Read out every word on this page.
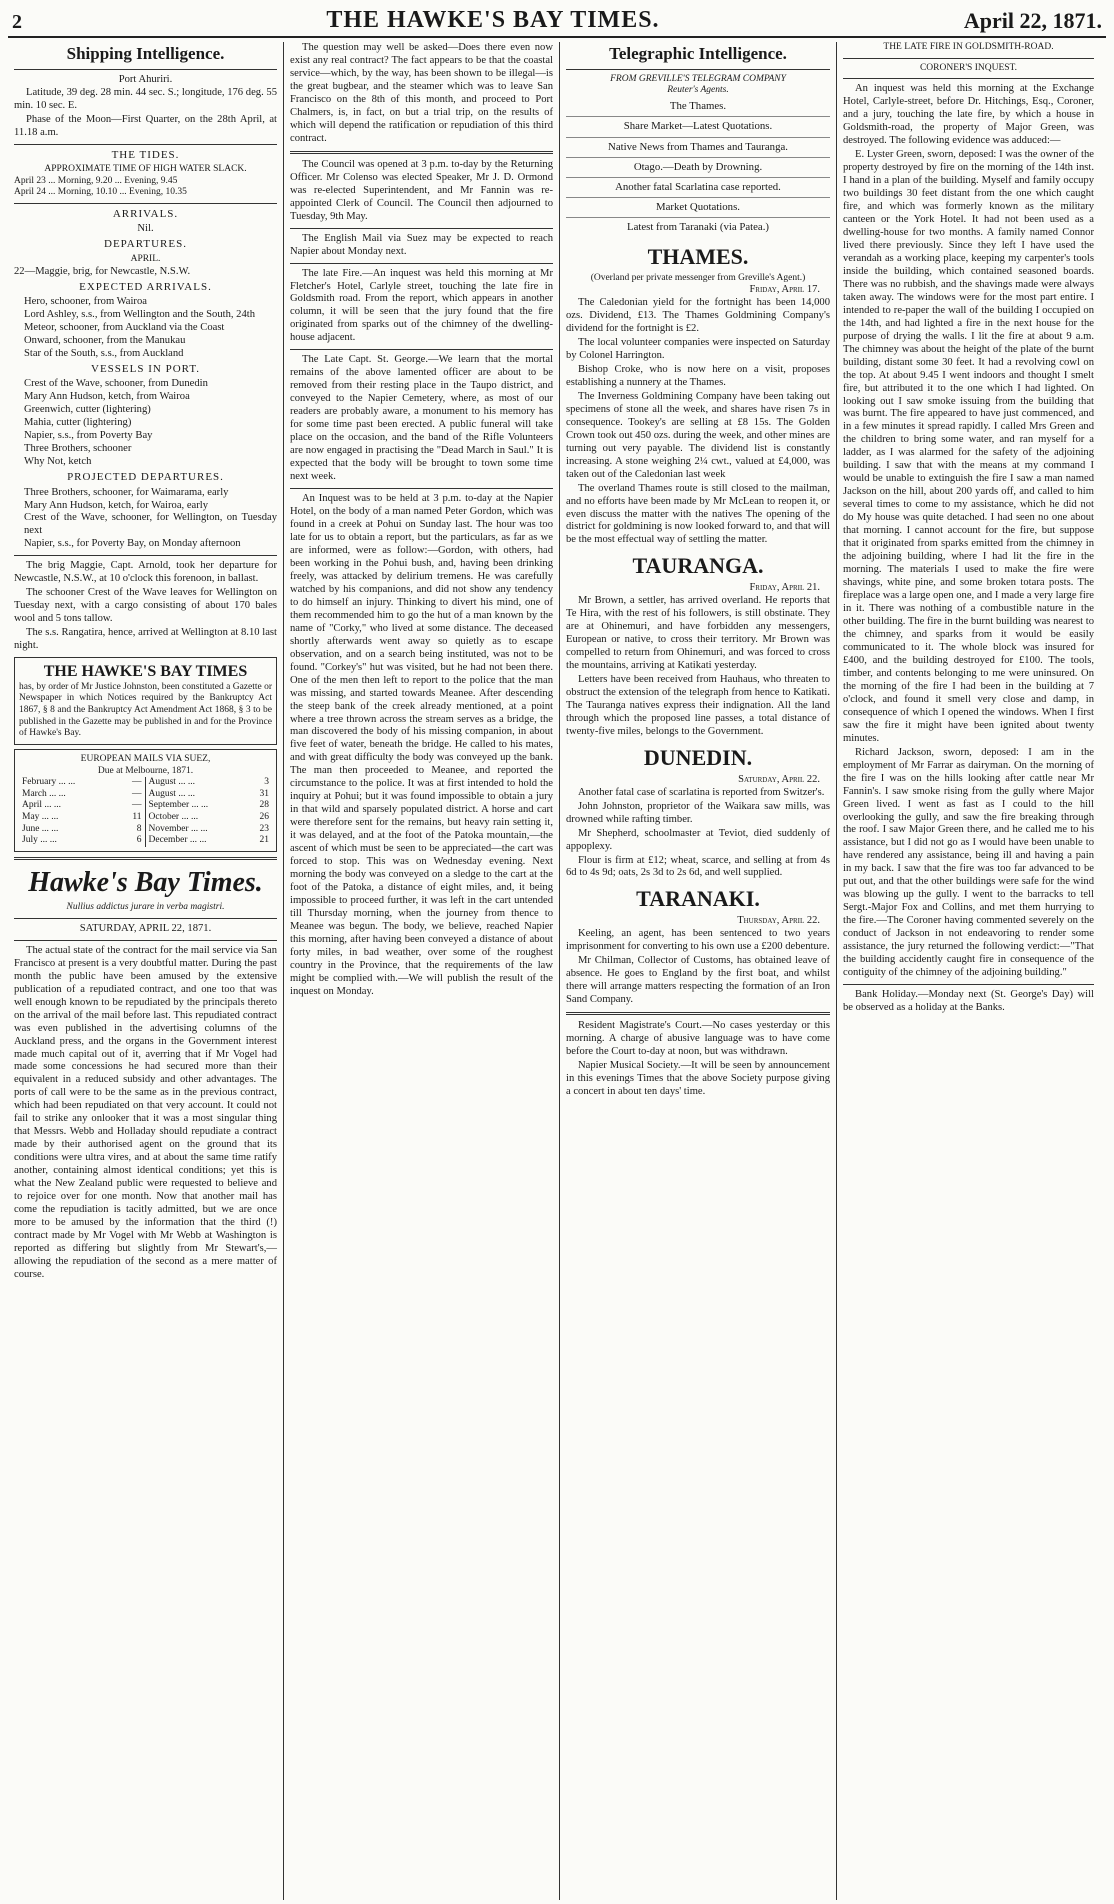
2	THE HAWKE'S BAY TIMES.	April 22, 1871.
Shipping Intelligence.
Port Ahuriri.

Latitude, 39 deg. 28 min. 44 sec. S.; longitude, 176 deg. 55 min. 10 sec. E.

Phase of the Moon—First Quarter, on the 28th April, at 11.18 a.m.

THE TIDES.
APPROXIMATE TIME OF HIGH WATER SLACK.
April 23 ... Morning, 9.20 ... Evening, 9.45
April 24 ... Morning, 10.10 ... Evening, 10.35
ARRIVALS.
Nil.
DEPARTURES.
APRIL.
22—Maggie, brig, for Newcastle, N.S.W.
EXPECTED ARRIVALS.

Hero, schooner, from Wairoa

Lord Ashley, s.s., from Wellington and the South, 24th

Meteor, schooner, from Auckland via the Coast

Onward, schooner, from the Manukau

Star of the South, s.s., from Auckland

VESSELS IN PORT.

Crest of the Wave, schooner, from Dunedin

Mary Ann Hudson, ketch, from Wairoa

Greenwich, cutter (lightering)

Mahia, cutter (lightering)

Napier, s.s., from Poverty Bay

Three Brothers, schooner

Why Not, ketch

PROJECTED DEPARTURES.

Three Brothers, schooner, for Waimarama, early

Mary Ann Hudson, ketch, for Wairoa, early

Crest of the Wave, schooner, for Wellington, on Tuesday next

Napier, s.s., for Poverty Bay, on Monday afternoon

The brig Maggie, Capt. Arnold, took her departure for Newcastle, N.S.W., at 10 o'clock this forenoon, in ballast.

The schooner Crest of the Wave leaves for Wellington on Tuesday next, with a cargo consisting of about 170 bales wool and 5 tons tallow.

The s.s. Rangatira, hence, arrived at Wellington at 8.10 last night.

THE HAWKE'S BAY TIMES
has, by order of Mr Justice Johnston, been constituted a Gazette or Newspaper in which Notices required by the Bankruptcy Act 1867, § 8 and the Bankruptcy Act Amendment Act 1868, § 3 to be published in the Gazette may be published in and for the Province of Hawke's Bay.
EUROPEAN MAILS VIA SUEZ,
Due at Melbourne, 1871.
February ... ...	— August ... ...	3
March ... ...	— August ... ...	31
April ... ...	— September ... ...	28
May ... ...	11 October ... ...	26
June ... ...	8 November ... ...	23
July ... ...	6 December ... ...	21
Hawke's Bay Times.
Nullius addictus jurare in verba magistri.
SATURDAY, APRIL 22, 1871.

The actual state of the contract for the mail service via San Francisco at present is a very doubtful matter. During the past month the public have been amused by the extensive publication of a repudiated contract, and one too that was well enough known to be repudiated by the principals thereto on the arrival of the mail before last. This repudiated contract was even published in the advertising columns of the Auckland press, and the organs in the Government interest made much capital out of it, averring that if Mr Vogel had made some concessions he had secured more than their equivalent in a reduced subsidy and other advantages. The ports of call were to be the same as in the previous contract, which had been repudiated on that very account. It could not fail to strike any onlooker that it was a most singular thing that Messrs. Webb and Holladay should repudiate a contract made by their authorised agent on the ground that its conditions were ultra vires, and at about the same time ratify another, containing almost identical conditions; yet this is what the New Zealand public were requested to believe and to rejoice over for one month. Now that another mail has come the repudiation is tacitly admitted, but we are once more to be amused by the information that the third (!) contract made by Mr Vogel with Mr Webb at Washington is reported as differing but slightly from Mr Stewart's,—allowing the repudiation of the second as a mere matter of course.

The question may well be asked—Does there even now exist any real contract? The fact appears to be that the coastal service—which, by the way, has been shown to be illegal—is the great bugbear, and the steamer which was to leave San Francisco on the 8th of this month, and proceed to Port Chalmers, is, in fact, on but a trial trip, on the results of which will depend the ratification or repudiation of this third contract.

The Council was opened at 3 p.m. to-day by the Returning Officer. Mr Colenso was elected Speaker, Mr J. D. Ormond was re-elected Superintendent, and Mr Fannin was re-appointed Clerk of Council. The Council then adjourned to Tuesday, 9th May.

The English Mail via Suez may be expected to reach Napier about Monday next.

The late Fire.—An inquest was held this morning at Mr Fletcher's Hotel, Carlyle street, touching the late fire in Goldsmith road. From the report, which appears in another column, it will be seen that the jury found that the fire originated from sparks out of the chimney of the dwelling-house adjacent.

The Late Capt. St. George.—We learn that the mortal remains of the above lamented officer are about to be removed from their resting place in the Taupo district, and conveyed to the Napier Cemetery, where, as most of our readers are probably aware, a monument to his memory has for some time past been erected. A public funeral will take place on the occasion, and the band of the Rifle Volunteers are now engaged in practising the "Dead March in Saul." It is expected that the body will be brought to town some time next week.

An Inquest was to be held at 3 p.m. to-day at the Napier Hotel, on the body of a man named Peter Gordon, which was found in a creek at Pohui on Sunday last. The hour was too late for us to obtain a report, but the particulars, as far as we are informed, were as follow:—Gordon, with others, had been working in the Pohui bush, and, having been drinking freely, was attacked by delirium tremens. He was carefully watched by his companions, and did not show any tendency to do himself an injury. Thinking to divert his mind, one of them recommended him to go the hut of a man known by the name of "Corky," who lived at some distance. The deceased shortly afterwards went away so quietly as to escape observation, and on a search being instituted, was not to be found. "Corkey's" hut was visited, but he had not been there. One of the men then left to report to the police that the man was missing, and started towards Meanee. After descending the steep bank of the creek already mentioned, at a point where a tree thrown across the stream serves as a bridge, the man discovered the body of his missing companion, in about five feet of water, beneath the bridge. He called to his mates, and with great difficulty the body was conveyed up the bank. The man then proceeded to Meanee, and reported the circumstance to the police. It was at first intended to hold the inquiry at Pohui; but it was found impossible to obtain a jury in that wild and sparsely populated district. A horse and cart were therefore sent for the remains, but heavy rain setting it, it was delayed, and at the foot of the Patoka mountain,—the ascent of which must be seen to be appreciated—the cart was forced to stop. This was on Wednesday evening. Next morning the body was conveyed on a sledge to the cart at the foot of the Patoka, a distance of eight miles, and, it being impossible to proceed further, it was left in the cart untended till Thursday morning, when the journey from thence to Meanee was begun. The body, we believe, reached Napier this morning, after having been conveyed a distance of about forty miles, in bad weather, over some of the roughest country in the Province, that the requirements of the law might be complied with.—We will publish the result of the inquest on Monday.

Telegraphic Intelligence.
FROM GREVILLE'S TELEGRAM COMPANY
Reuter's Agents.
The Thames.
Share Market—Latest Quotations.
Native News from Thames and Tauranga.
Otago.—Death by Drowning.
Another fatal Scarlatina case reported.
Market Quotations.
Latest from Taranaki (via Patea.)
THAMES.
(Overland per private messenger from Greville's Agent.)
Friday, April 17.

The Caledonian yield for the fortnight has been 14,000 ozs. Dividend, £13. The Thames Goldmining Company's dividend for the fortnight is £2.

The local volunteer companies were inspected on Saturday by Colonel Harrington.

Bishop Croke, who is now here on a visit, proposes establishing a nunnery at the Thames.

The Inverness Goldmining Company have been taking out specimens of stone all the week, and shares have risen 7s in consequence. Tookey's are selling at £8 15s. The Golden Crown took out 450 ozs. during the week, and other mines are turning out very payable. The dividend list is constantly increasing. A stone weighing 2¼ cwt., valued at £4,000, was taken out of the Caledonian last week

The overland Thames route is still closed to the mailman, and no efforts have been made by Mr McLean to reopen it, or even discuss the matter with the natives The opening of the district for goldmining is now looked forward to, and that will be the most effectual way of settling the matter.

TAURANGA.
Friday, April 21.

Mr Brown, a settler, has arrived overland. He reports that Te Hira, with the rest of his followers, is still obstinate. They are at Ohinemuri, and have forbidden any messengers, European or native, to cross their territory. Mr Brown was compelled to return from Ohinemuri, and was forced to cross the mountains, arriving at Katikati yesterday.

Letters have been received from Hauhaus, who threaten to obstruct the extension of the telegraph from hence to Katikati. The Tauranga natives express their indignation. All the land through which the proposed line passes, a total distance of twenty-five miles, belongs to the Government.

DUNEDIN.
Saturday, April 22.

Another fatal case of scarlatina is reported from Switzer's.

John Johnston, proprietor of the Waikara saw mills, was drowned while rafting timber.

Mr Shepherd, schoolmaster at Teviot, died suddenly of appoplexy.

Flour is firm at £12; wheat, scarce, and selling at from 4s 6d to 4s 9d; oats, 2s 3d to 2s 6d, and well supplied.

TARANAKI.
Thursday, April 22.

Keeling, an agent, has been sentenced to two years imprisonment for converting to his own use a £200 debenture.

Mr Chilman, Collector of Customs, has obtained leave of absence. He goes to England by the first boat, and whilst there will arrange matters respecting the formation of an Iron Sand Company.

Resident Magistrate's Court.—No cases yesterday or this morning. A charge of abusive language was to have come before the Court to-day at noon, but was withdrawn.

Napier Musical Society.—It will be seen by announcement in this evenings Times that the above Society purpose giving a concert in about ten days' time.

THE LATE FIRE IN GOLDSMITH-ROAD.
CORONER'S INQUEST.

An inquest was held this morning at the Exchange Hotel, Carlyle-street, before Dr. Hitchings, Esq., Coroner, and a jury, touching the late fire, by which a house in Goldsmith-road, the property of Major Green, was destroyed. The following evidence was adduced:—

E. Lyster Green, sworn, deposed: I was the owner of the property destroyed by fire on the morning of the 14th inst. I hand in a plan of the building. Myself and family occupy two buildings 30 feet distant from the one which caught fire, and which was formerly known as the military canteen or the York Hotel. It had not been used as a dwelling-house for two months. A family named Connor lived there previously. Since they left I have used the verandah as a working place, keeping my carpenter's tools inside the building, which contained seasoned boards. There was no rubbish, and the shavings made were always taken away. The windows were for the most part entire. I intended to re-paper the wall of the building I occupied on the 14th, and had lighted a fire in the next house for the purpose of drying the walls. I lit the fire at about 9 a.m. The chimney was about the height of the plate of the burnt building, distant some 30 feet. It had a revolving cowl on the top. At about 9.45 I went indoors and thought I smelt fire, but attributed it to the one which I had lighted. On looking out I saw smoke issuing from the building that was burnt. The fire appeared to have just commenced, and in a few minutes it spread rapidly. I called Mrs Green and the children to bring some water, and ran myself for a ladder, as I was alarmed for the safety of the adjoining building. I saw that with the means at my command I would be unable to extinguish the fire I saw a man named Jackson on the hill, about 200 yards off, and called to him several times to come to my assistance, which he did not do My house was quite detached. I had seen no one about that morning. I cannot account for the fire, but suppose that it originated from sparks emitted from the chimney in the adjoining building, where I had lit the fire in the morning. The materials I used to make the fire were shavings, white pine, and some broken totara posts. The fireplace was a large open one, and I made a very large fire in it. There was nothing of a combustible nature in the other building. The fire in the burnt building was nearest to the chimney, and sparks from it would be easily communicated to it. The whole block was insured for £400, and the building destroyed for £100. The tools, timber, and contents belonging to me were uninsured. On the morning of the fire I had been in the building at 7 o'clock, and found it smell very close and damp, in consequence of which I opened the windows. When I first saw the fire it might have been ignited about twenty minutes.

Richard Jackson, sworn, deposed: I am in the employment of Mr Farrar as dairyman. On the morning of the fire I was on the hills looking after cattle near Mr Fannin's. I saw smoke rising from the gully where Major Green lived. I went as fast as I could to the hill overlooking the gully, and saw the fire breaking through the roof. I saw Major Green there, and he called me to his assistance, but I did not go as I would have been unable to have rendered any assistance, being ill and having a pain in my back. I saw that the fire was too far advanced to be put out, and that the other buildings were safe for the wind was blowing up the gully. I went to the barracks to tell Sergt.-Major Fox and Collins, and met them hurrying to the fire.—The Coroner having commented severely on the conduct of Jackson in not endeavoring to render some assistance, the jury returned the following verdict:—"That the building accidently caught fire in consequence of the contiguity of the chimney of the adjoining building."

Bank Holiday.—Monday next (St. George's Day) will be observed as a holiday at the Banks.
